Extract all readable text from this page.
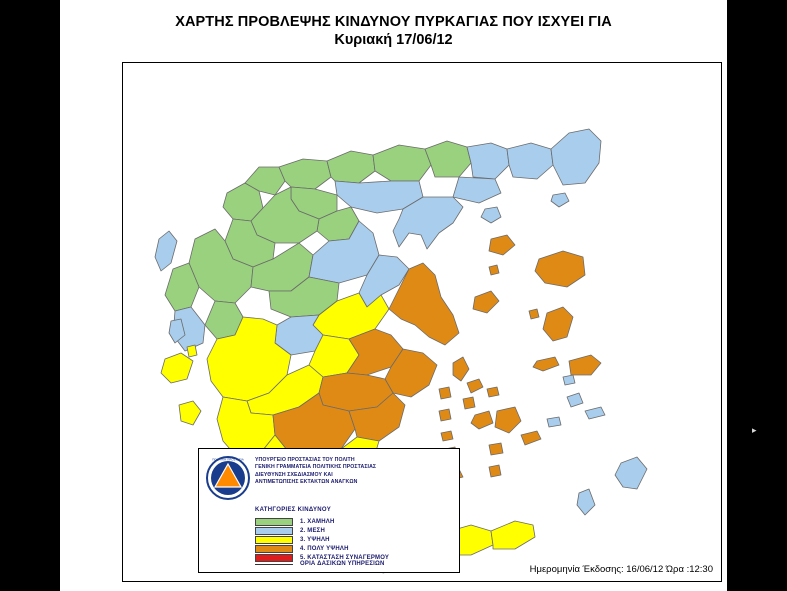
ΧΑΡΤΗΣ ΠΡΟΒΛΕΨΗΣ ΚΙΝΔΥΝΟΥ ΠΥΡΚΑΓΙΑΣ ΠΟΥ ΙΣΧΥΕΙ ΓΙΑ
Κυριακή 17/06/12
ΠΟΛΙΤΙΚΗ ΠΡΟΣΤΑΣΙΑ ΥΠΟΥΡΓΕΙΟ ΠΡΟΣΤΑΣΙΑΣ ΤΟΥ ΠΟΛΙΤΗ
ΓΕΝΙΚΗ ΓΡΑΜΜΑΤΕΙΑ ΠΟΛΙΤΙΚΗΣ ΠΡΟΣΤΑΣΙΑΣ
ΔΙΕΥΘΥΝΣΗ ΣΧΕΔΙΑΣΜΟΥ ΚΑΙ
ΑΝΤΙΜΕΤΩΠΙΣΗΣ ΕΚΤΑΚΤΩΝ ΑΝΑΓΚΩΝ
ΚΑΤΗΓΟΡΙΕΣ ΚΙΝΔΥΝΟΥ
1. ΧΑΜΗΛΗ
2. ΜΕΣΗ
3. ΥΨΗΛΗ
4. ΠΟΛΥ ΥΨΗΛΗ
5. ΚΑΤΑΣΤΑΣΗ ΣΥΝΑΓΕΡΜΟΥ
ΟΡΙΑ ΔΑΣΙΚΩΝ ΥΠΗΡΕΣΙΩΝ	Ημερομηνία Έκδοσης: 16/06/12 Ώρα :12:30
▸
